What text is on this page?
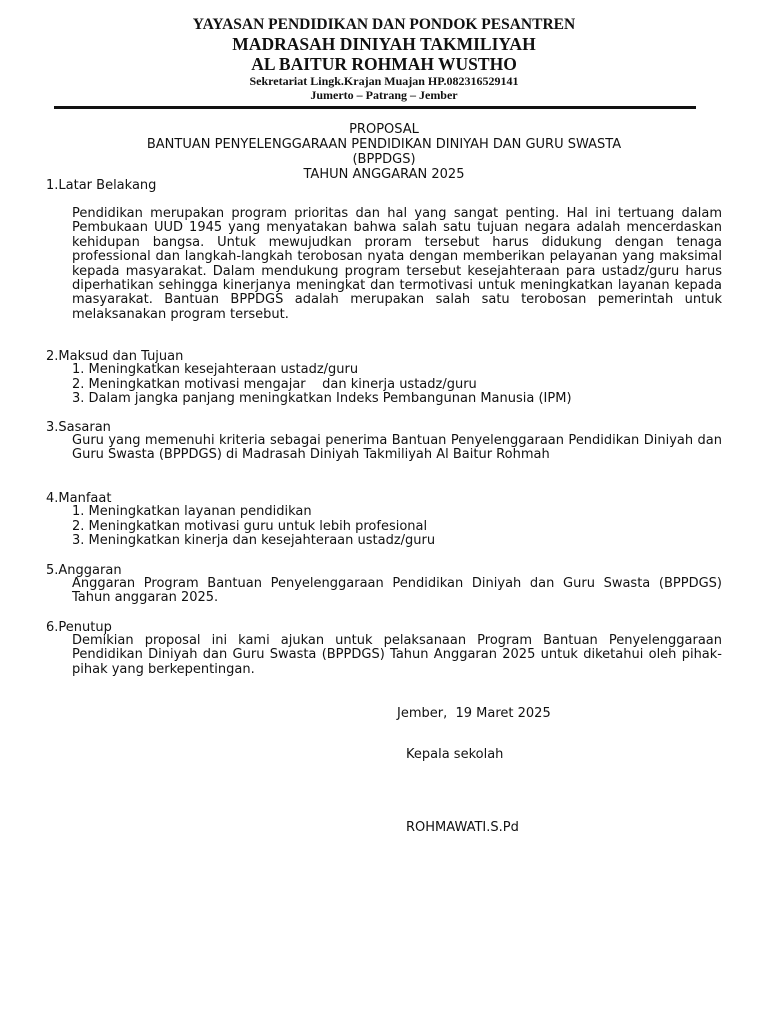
YAYASAN PENDIDIKAN DAN PONDOK PESANTREN
MADRASAH DINIYAH TAKMILIYAH
AL BAITUR ROHMAH WUSTHO
Sekretariat Lingk.Krajan Muajan HP.082316529141
Jumerto – Patrang – Jember
PROPOSAL
BANTUAN PENYELENGGARAAN PENDIDIKAN DINIYAH DAN GURU SWASTA
(BPPDGS)
TAHUN ANGGARAN 2025
1.Latar Belakang
Pendidikan merupakan program prioritas dan hal yang sangat penting. Hal ini tertuang dalam Pembukaan UUD 1945 yang menyatakan bahwa salah satu tujuan negara adalah mencerdaskan kehidupan bangsa. Untuk mewujudkan proram tersebut harus didukung dengan tenaga professional dan langkah-langkah terobosan nyata dengan memberikan pelayanan yang maksimal kepada masyarakat. Dalam mendukung program tersebut kesejahteraan para ustadz/guru harus diperhatikan sehingga kinerjanya meningkat dan termotivasi untuk meningkatkan layanan kepada masyarakat. Bantuan BPPDGS adalah merupakan salah satu terobosan pemerintah untuk melaksanakan program tersebut.
2.Maksud dan Tujuan
1. Meningkatkan kesejahteraan ustadz/guru
2. Meningkatkan motivasi mengajar    dan kinerja ustadz/guru
3. Dalam jangka panjang meningkatkan Indeks Pembangunan Manusia (IPM)
3.Sasaran
Guru yang memenuhi kriteria sebagai penerima Bantuan Penyelenggaraan Pendidikan Diniyah dan Guru Swasta (BPPDGS) di Madrasah Diniyah Takmiliyah Al Baitur Rohmah
4.Manfaat
1. Meningkatkan layanan pendidikan
2. Meningkatkan motivasi guru untuk lebih profesional
3. Meningkatkan kinerja dan kesejahteraan ustadz/guru
5.Anggaran
Anggaran Program Bantuan Penyelenggaraan Pendidikan Diniyah dan Guru Swasta (BPPDGS) Tahun anggaran 2025.
6.Penutup
Demikian proposal ini kami ajukan untuk pelaksanaan Program Bantuan Penyelenggaraan Pendidikan Diniyah dan Guru Swasta (BPPDGS) Tahun Anggaran 2025 untuk diketahui oleh pihak-pihak yang berkepentingan.
Jember,  19 Maret 2025
Kepala sekolah
ROHMAWATI.S.Pd
